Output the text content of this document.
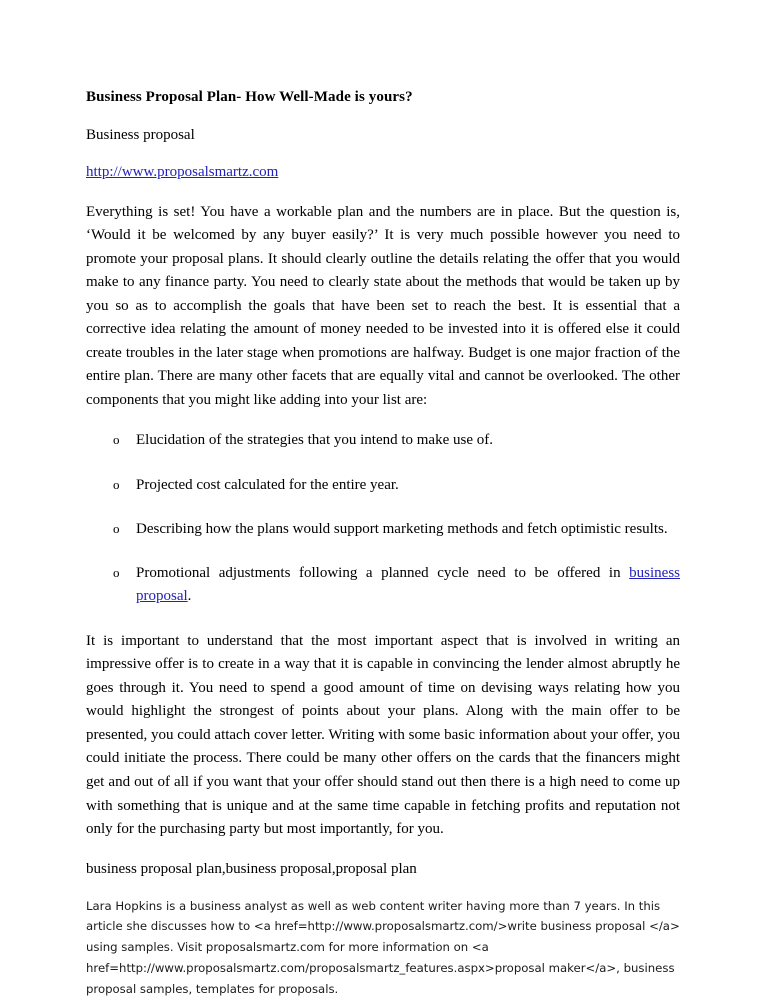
Business Proposal Plan- How Well-Made is yours?

Business proposal

http://www.proposalsmartz.com

Everything is set! You have a workable plan and the numbers are in place. But the question is, ‘Would it be welcomed by any buyer easily?’ It is very much possible however you need to promote your proposal plans. It should clearly outline the details relating the offer that you would make to any finance party. You need to clearly state about the methods that would be taken up by you so as to accomplish the goals that have been set to reach the best. It is essential that a corrective idea relating the amount of money needed to be invested into it is offered else it could create troubles in the later stage when promotions are halfway. Budget is one major fraction of the entire plan. There are many other facets that are equally vital and cannot be overlooked. The other components that you might like adding into your list are:

o Elucidation of the strategies that you intend to make use of.
o Projected cost calculated for the entire year.
o Describing how the plans would support marketing methods and fetch optimistic results.
o Promotional adjustments following a planned cycle need to be offered in business proposal.

It is important to understand that the most important aspect that is involved in writing an impressive offer is to create in a way that it is capable in convincing the lender almost abruptly he goes through it. You need to spend a good amount of time on devising ways relating how you would highlight the strongest of points about your plans. Along with the main offer to be presented, you could attach cover letter. Writing with some basic information about your offer, you could initiate the process. There could be many other offers on the cards that the financers might get and out of all if you want that your offer should stand out then there is a high need to come up with something that is unique and at the same time capable in fetching profits and reputation not only for the purchasing party but most importantly, for you.

business proposal plan,business proposal,proposal plan

Lara Hopkins is a business analyst as well as web content writer having more than 7 years. In this article she discusses how to <a href=http://www.proposalsmartz.com/>write business proposal </a> using samples. Visit proposalsmartz.com for more information on <a href=http://www.proposalsmartz.com/proposalsmartz_features.aspx>proposal maker</a>, business proposal samples, templates for proposals.
